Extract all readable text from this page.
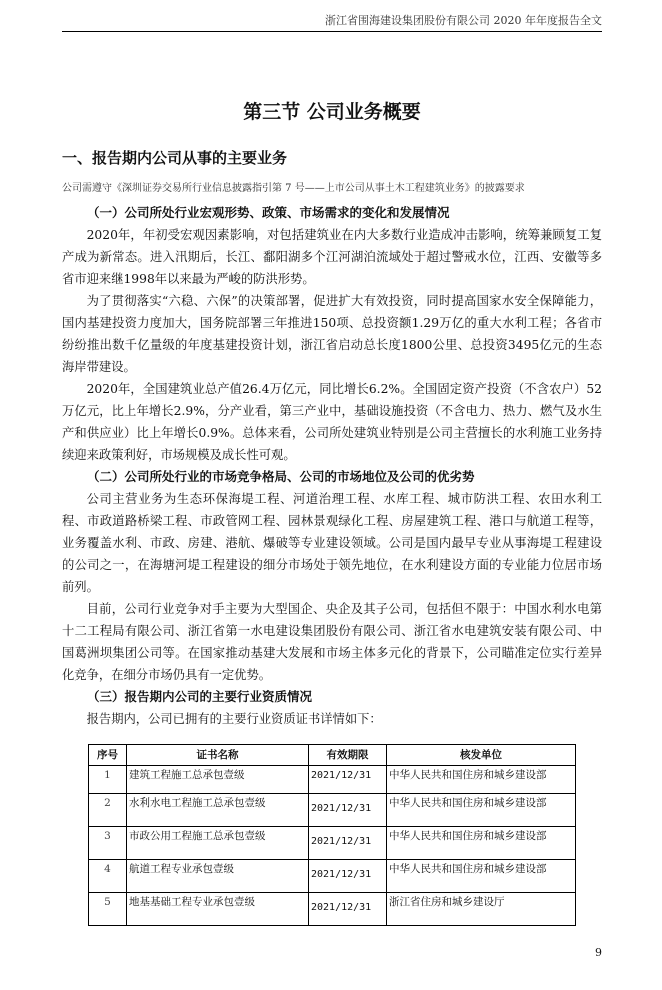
浙江省围海建设集团股份有限公司 2020 年年度报告全文
第三节 公司业务概要
一、报告期内公司从事的主要业务
公司需遵守《深圳证券交易所行业信息披露指引第 7 号——上市公司从事土木工程建筑业务》的披露要求

（一）公司所处行业宏观形势、政策、市场需求的变化和发展情况

2020年，年初受宏观因素影响，对包括建筑业在内大多数行业造成冲击影响，统筹兼顾复工复产成为新常态。进入汛期后，长江、鄱阳湖多个江河湖泊流域处于超过警戒水位，江西、安徽等多省市迎来继1998年以来最为严峻的防洪形势。

为了贯彻落实“六稳、六保”的决策部署，促进扩大有效投资，同时提高国家水安全保障能力，国内基建投资力度加大，国务院部署三年推进150项、总投资额1.29万亿的重大水利工程；各省市纷纷推出数千亿量级的年度基建投资计划，浙江省启动总长度1800公里、总投资3495亿元的生态海岸带建设。

2020年，全国建筑业总产值26.4万亿元，同比增长6.2%。全国固定资产投资（不含农户）52万亿元，比上年增长2.9%，分产业看，第三产业中，基础设施投资（不含电力、热力、燃气及水生产和供应业）比上年增长0.9%。总体来看，公司所处建筑业特别是公司主营擅长的水利施工业务持续迎来政策利好，市场规模及成长性可观。

（二）公司所处行业的市场竞争格局、公司的市场地位及公司的优劣势

公司主营业务为生态环保海堤工程、河道治理工程、水库工程、城市防洪工程、农田水利工程、市政道路桥梁工程、市政管网工程、园林景观绿化工程、房屋建筑工程、港口与航道工程等，业务覆盖水利、市政、房建、港航、爆破等专业建设领域。公司是国内最早专业从事海堤工程建设的公司之一，在海塘河堤工程建设的细分市场处于领先地位，在水利建设方面的专业能力位居市场前列。

目前，公司行业竞争对手主要为大型国企、央企及其子公司，包括但不限于：中国水利水电第十二工程局有限公司、浙江省第一水电建设集团股份有限公司、浙江省水电建筑安装有限公司、中国葛洲坝集团公司等。在国家推动基建大发展和市场主体多元化的背景下，公司瞄准定位实行差异化竞争，在细分市场仍具有一定优势。

（三）报告期内公司的主要行业资质情况

报告期内，公司已拥有的主要行业资质证书详情如下：

序号	证书名称	有效期限	核发单位
1	建筑工程施工总承包壹级	2021/12/31	中华人民共和国住房和城乡建设部
2	水利水电工程施工总承包壹级	2021/12/31	中华人民共和国住房和城乡建设部
3	市政公用工程施工总承包壹级	2021/12/31	中华人民共和国住房和城乡建设部
4	航道工程专业承包壹级	2021/12/31	中华人民共和国住房和城乡建设部
5	地基基础工程专业承包壹级	2021/12/31	浙江省住房和城乡建设厅
9
